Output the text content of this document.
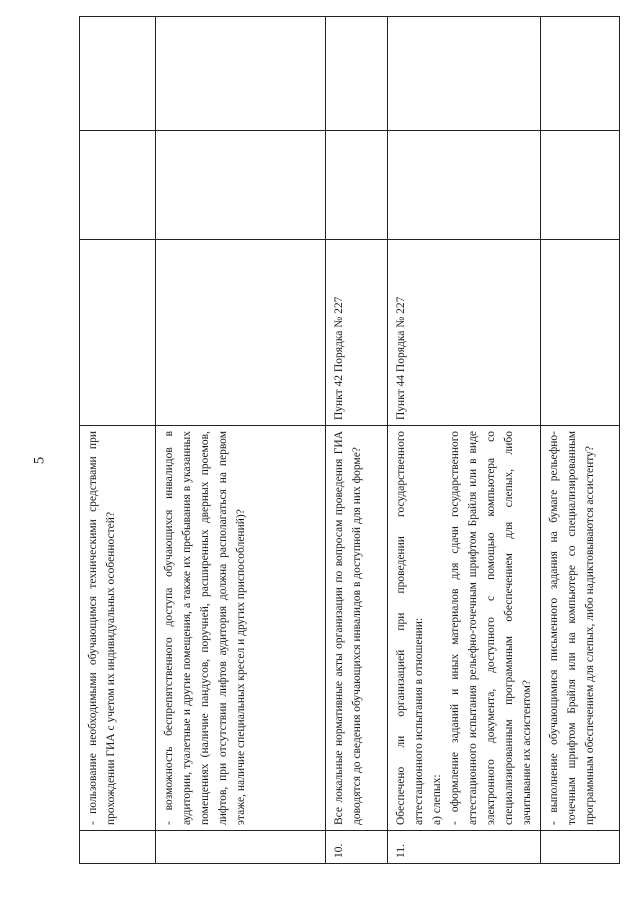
5

	- пользование необходимыми обучающимся техническими средствами при прохождении ГИА с учетом их индивидуальных особенностей?				

	- возможность беспрепятственного доступа обучающихся инвалидов в аудитории, туалетные и другие помещения, а также их пребывания в указанных помещениях (наличие пандусов, поручней, расширенных дверных проемов, лифтов, при отсутствии лифтов аудитория должна располагаться на первом этаже, наличие специальных кресел и других приспособлений)?				

10.	Все локальные нормативные акты организации по вопросам проведения ГИА доводятся до сведения обучающихся инвалидов в доступной для них форме?	Пункт 42 Порядка № 227			
11.	Обеспечено ли организацией при проведении государственного аттестационного испытания в отношении: а) слепых: - оформление заданий и иных материалов для сдачи государственного аттестационного испытания рельефно-точечным шрифтом Брайля или в виде электронного документа, доступного с помощью компьютера со специализированным программным обеспечением для слепых, либо зачитывание их ассистентом?	Пункт 44 Порядка № 227			

	- выполнение обучающимися письменного задания на бумаге рельефно-точечным шрифтом Брайля или на компьютере со специализированным программным обеспечением для слепых, либо надиктовываются ассистенту?				
